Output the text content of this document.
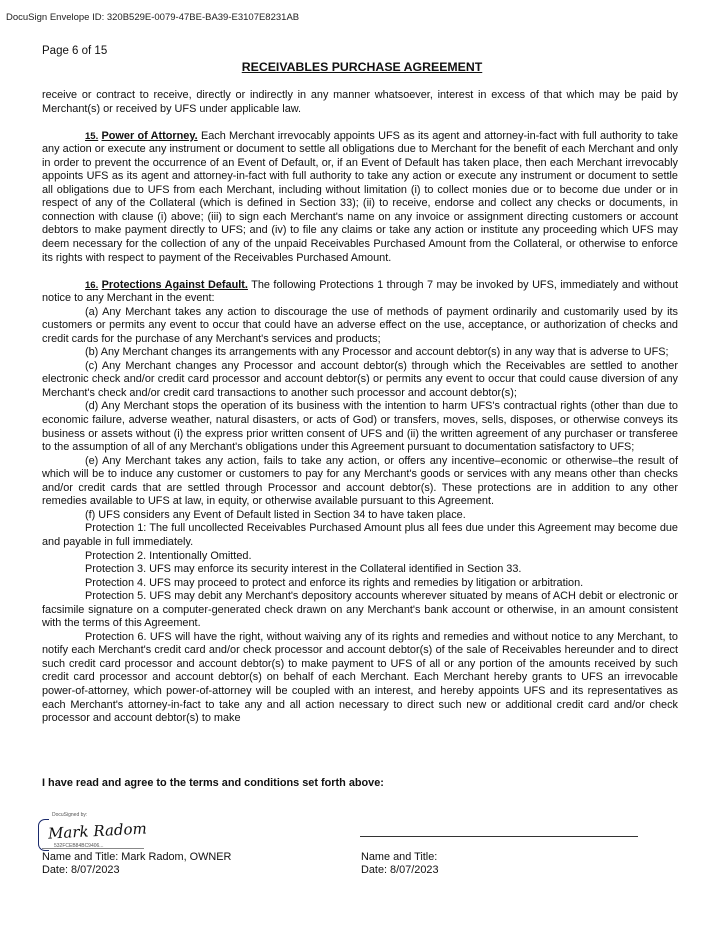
DocuSign Envelope ID: 320B529E-0079-47BE-BA39-E3107E8231AB
Page 6 of 15
RECEIVABLES PURCHASE AGREEMENT

receive or contract to receive, directly or indirectly in any manner whatsoever, interest in excess of that which may be paid by Merchant(s) or received by UFS under applicable law.

15. Power of Attorney. Each Merchant irrevocably appoints UFS as its agent and attorney-in-fact with full authority to take any action or execute any instrument or document to settle all obligations due to Merchant for the benefit of each Merchant and only in order to prevent the occurrence of an Event of Default, or, if an Event of Default has taken place, then each Merchant irrevocably appoints UFS as its agent and attorney-in-fact with full authority to take any action or execute any instrument or document to settle all obligations due to UFS from each Merchant, including without limitation (i) to collect monies due or to become due under or in respect of any of the Collateral (which is defined in Section 33); (ii) to receive, endorse and collect any checks or documents, in connection with clause (i) above; (iii) to sign each Merchant's name on any invoice or assignment directing customers or account debtors to make payment directly to UFS; and (iv) to file any claims or take any action or institute any proceeding which UFS may deem necessary for the collection of any of the unpaid Receivables Purchased Amount from the Collateral, or otherwise to enforce its rights with respect to payment of the Receivables Purchased Amount.

16. Protections Against Default. The following Protections 1 through 7 may be invoked by UFS, immediately and without notice to any Merchant in the event:

(a) Any Merchant takes any action to discourage the use of methods of payment ordinarily and customarily used by its customers or permits any event to occur that could have an adverse effect on the use, acceptance, or authorization of checks and credit cards for the purchase of any Merchant's services and products;

(b) Any Merchant changes its arrangements with any Processor and account debtor(s) in any way that is adverse to UFS;

(c) Any Merchant changes any Processor and account debtor(s) through which the Receivables are settled to another electronic check and/or credit card processor and account debtor(s) or permits any event to occur that could cause diversion of any Merchant's check and/or credit card transactions to another such processor and account debtor(s);

(d) Any Merchant stops the operation of its business with the intention to harm UFS's contractual rights (other than due to economic failure, adverse weather, natural disasters, or acts of God) or transfers, moves, sells, disposes, or otherwise conveys its business or assets without (i) the express prior written consent of UFS and (ii) the written agreement of any purchaser or transferee to the assumption of all of any Merchant's obligations under this Agreement pursuant to documentation satisfactory to UFS;

(e) Any Merchant takes any action, fails to take any action, or offers any incentive–economic or otherwise–the result of which will be to induce any customer or customers to pay for any Merchant's goods or services with any means other than checks and/or credit cards that are settled through Processor and account debtor(s). These protections are in addition to any other remedies available to UFS at law, in equity, or otherwise available pursuant to this Agreement.

(f) UFS considers any Event of Default listed in Section 34 to have taken place.

Protection 1: The full uncollected Receivables Purchased Amount plus all fees due under this Agreement may become due and payable in full immediately.

Protection 2. Intentionally Omitted.

Protection 3. UFS may enforce its security interest in the Collateral identified in Section 33.

Protection 4. UFS may proceed to protect and enforce its rights and remedies by litigation or arbitration.

Protection 5. UFS may debit any Merchant's depository accounts wherever situated by means of ACH debit or electronic or facsimile signature on a computer-generated check drawn on any Merchant's bank account or otherwise, in an amount consistent with the terms of this Agreement.

Protection 6. UFS will have the right, without waiving any of its rights and remedies and without notice to any Merchant, to notify each Merchant's credit card and/or check processor and account debtor(s) of the sale of Receivables hereunder and to direct such credit card processor and account debtor(s) to make payment to UFS of all or any portion of the amounts received by such credit card processor and account debtor(s) on behalf of each Merchant. Each Merchant hereby grants to UFS an irrevocable power-of-attorney, which power-of-attorney will be coupled with an interest, and hereby appoints UFS and its representatives as each Merchant's attorney-in-fact to take any and all action necessary to direct such new or additional credit card and/or check processor and account debtor(s) to make

I have read and agree to the terms and conditions set forth above:
DocuSigned by:
Mark Radom
532FCEB84BC9406...
Name and Title: Mark Radom, OWNER
Date: 8/07/2023
Name and Title:
Date: 8/07/2023
